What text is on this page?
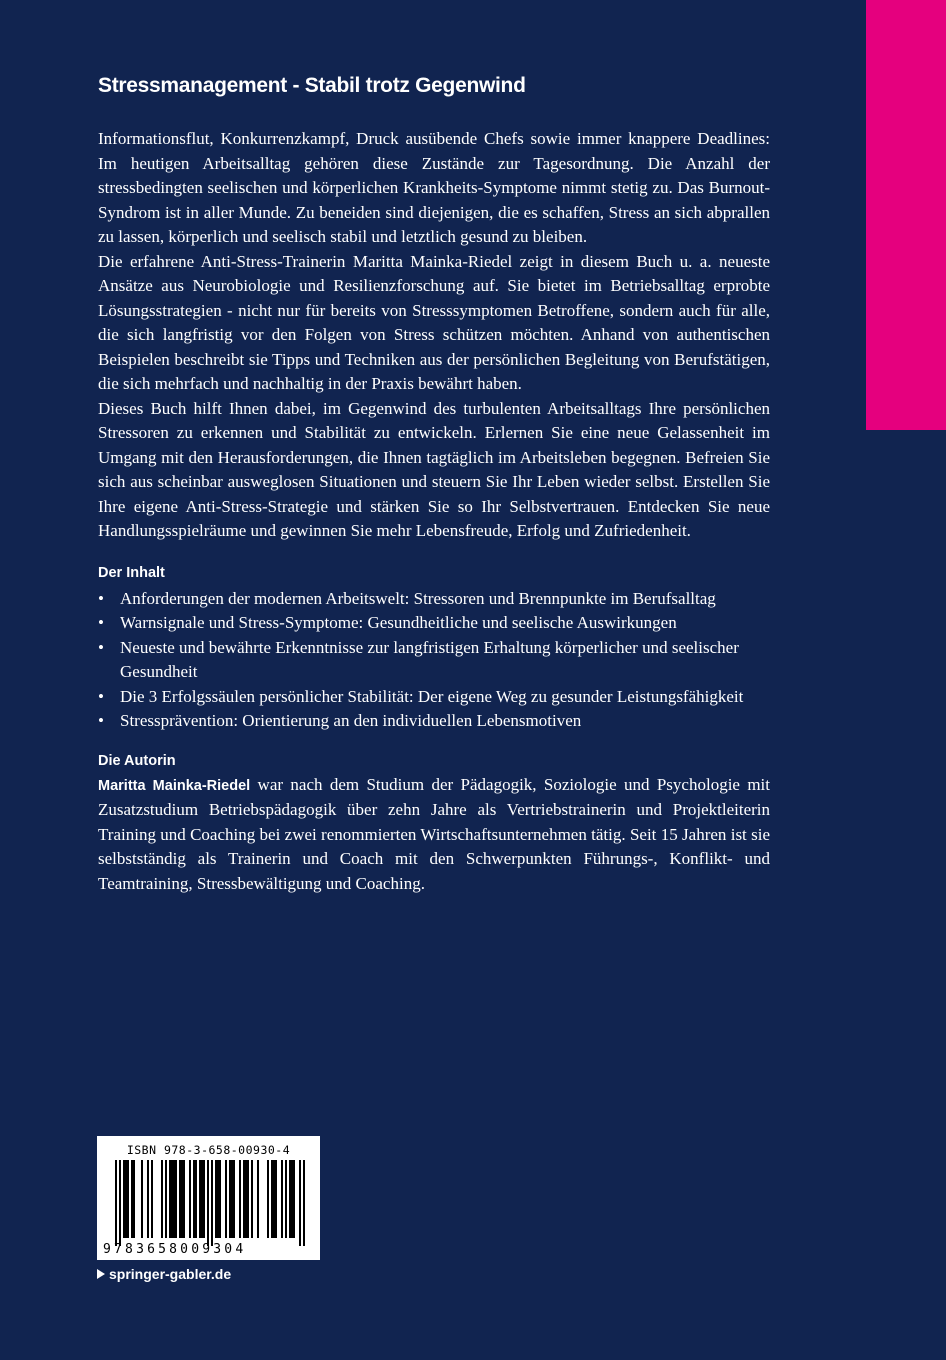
Stressmanagement - Stabil trotz Gegenwind

Informationsflut, Konkurrenzkampf, Druck ausübende Chefs sowie immer knappere Deadlines: Im heutigen Arbeitsalltag gehören diese Zustände zur Tagesordnung. Die Anzahl der stressbedingten seelischen und körperlichen Krankheits-Symptome nimmt stetig zu. Das Burnout-Syndrom ist in aller Munde. Zu beneiden sind diejenigen, die es schaffen, Stress an sich abprallen zu lassen, körperlich und seelisch stabil und letztlich gesund zu bleiben.

Die erfahrene Anti-Stress-Trainerin Maritta Mainka-Riedel zeigt in diesem Buch u. a. neueste Ansätze aus Neurobiologie und Resilienzforschung auf. Sie bietet im Betriebsalltag erprobte Lösungsstrategien - nicht nur für bereits von Stresssymptomen Betroffene, sondern auch für alle, die sich langfristig vor den Folgen von Stress schützen möchten. Anhand von authentischen Beispielen beschreibt sie Tipps und Techniken aus der persönlichen Begleitung von Berufstätigen, die sich mehrfach und nachhaltig in der Praxis bewährt haben.

Dieses Buch hilft Ihnen dabei, im Gegenwind des turbulenten Arbeitsalltags Ihre persönlichen Stressoren zu erkennen und Stabilität zu entwickeln. Erlernen Sie eine neue Gelassenheit im Umgang mit den Herausforderungen, die Ihnen tagtäglich im Arbeitsleben begegnen. Befreien Sie sich aus scheinbar ausweglosen Situationen und steuern Sie Ihr Leben wieder selbst. Erstellen Sie Ihre eigene Anti-Stress-Strategie und stärken Sie so Ihr Selbstvertrauen. Entdecken Sie neue Handlungsspielräume und gewinnen Sie mehr Lebensfreude, Erfolg und Zufriedenheit.

Der Inhalt
• Anforderungen der modernen Arbeitswelt: Stressoren und Brennpunkte im Berufsalltag
• Warnsignale und Stress-Symptome: Gesundheitliche und seelische Auswirkungen
• Neueste und bewährte Erkenntnisse zur langfristigen Erhaltung körperlicher und seelischer Gesundheit
• Die 3 Erfolgssäulen persönlicher Stabilität: Der eigene Weg zu gesunder Leistungsfähigkeit
• Stressprävention: Orientierung an den individuellen Lebensmotiven
Die Autorin

Maritta Mainka-Riedel war nach dem Studium der Pädagogik, Soziologie und Psychologie mit Zusatzstudium Betriebspädagogik über zehn Jahre als Vertriebstrainerin und Projektleiterin Training und Coaching bei zwei renommierten Wirtschaftsunternehmen tätig. Seit 15 Jahren ist sie selbstständig als Trainerin und Coach mit den Schwerpunkten Führungs-, Konflikt- und Teamtraining, Stressbewältigung und Coaching.

ISBN 978-3-658-00930-4
9783658009304
springer-gabler.de
